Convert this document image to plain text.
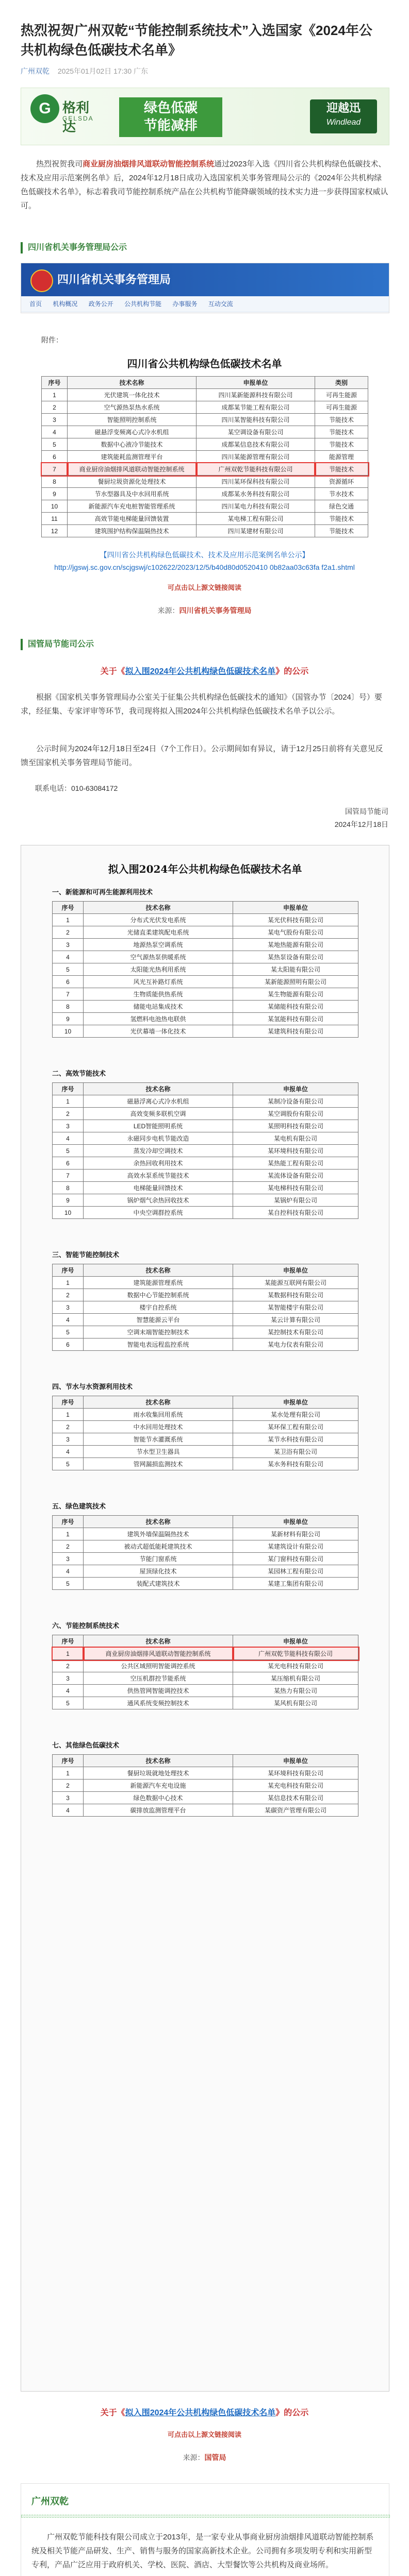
热烈祝贺广州双乾“节能控制系统技术”入选国家《2024年公共机构绿色低碳技术名单》
广州双乾 2025年01月02日 17:30 广东
G 格利达
GELSDA
绿色低碳
节能减排
迎越迅
Windlead
热烈祝贺我司商业厨房油烟排风道联动智能控制系统通过2023年入选《四川省公共机构绿色低碳技术、技术及应用示范案例名单》后，2024年12月18日成功入选国家机关事务管理局公示的《2024年公共机构绿色低碳技术名单》，标志着我司节能控制系统产品在公共机构节能降碳领域的技术实力进一步获得国家权威认可。
四川省机关事务管理局公示
四川省机关事务管理局
首页 机构概况 政务公开 公共机构节能 办事服务 互动交流
附件：
四川省公共机构绿色低碳技术名单
序号	技术名称	申报单位	类别
1	光伏建筑一体化技术	四川某新能源科技有限公司	可再生能源
2	空气源热泵热水系统	成都某节能工程有限公司	可再生能源
3	智能照明控制系统	四川某智能科技有限公司	节能技术
4	磁悬浮变频离心式冷水机组	某空调设备有限公司	节能技术
5	数据中心液冷节能技术	成都某信息技术有限公司	节能技术
6	建筑能耗监测管理平台	四川某能源管理有限公司	能源管理
7	商业厨房油烟排风道联动智能控制系统	广州双乾节能科技有限公司	节能技术
8	餐厨垃圾资源化处理技术	四川某环保科技有限公司	资源循环
9	节水型器具及中水回用系统	成都某水务科技有限公司	节水技术
10	新能源汽车充电桩智能管理系统	四川某电力科技有限公司	绿色交通
11	高效节能电梯能量回馈装置	某电梯工程有限公司	节能技术
12	建筑围护结构保温隔热技术	四川某建材有限公司	节能技术
【四川省公共机构绿色低碳技术、技术及应用示范案例名单公示】
http://jgswj.sc.gov.cn/scjgswj/c102622/2023/12/5/b40d80d0520410 0b82aa03c63fa f2a1.shtml
可点击以上源文链接阅读
来源：四川省机关事务管理局
国管局节能司公示
关于《拟入围2024年公共机构绿色低碳技术名单》的公示
根据《国家机关事务管理局办公室关于征集公共机构绿色低碳技术的通知》（国管办节〔2024〕号）要求，经征集、专家评审等环节，我司现将拟入围2024年公共机构绿色低碳技术名单予以公示。
公示时间为2024年12月18日至24日（7个工作日）。公示期间如有异议，请于12月25日前将有关意见反馈至国家机关事务管理局节能司。
联系电话：010-63084172
国管局节能司
2024年12月18日
拟入围2024年公共机构绿色低碳技术名单
一、新能源和可再生能源利用技术
序号	技术名称	申报单位
1	分布式光伏发电系统	某光伏科技有限公司
2	光储直柔建筑配电系统	某电气股份有限公司
3	地源热泵空调系统	某地热能源有限公司
4	空气源热泵供暖系统	某热泵设备有限公司
5	太阳能光热利用系统	某太阳能有限公司
6	风光互补路灯系统	某新能源照明有限公司
7	生物质能供热系统	某生物能源有限公司
8	储能电站集成技术	某储能科技有限公司
9	氢燃料电池热电联供	某氢能科技有限公司
10	光伏幕墙一体化技术	某建筑科技有限公司
二、高效节能技术
序号	技术名称	申报单位
1	磁悬浮离心式冷水机组	某制冷设备有限公司
2	高效变频多联机空调	某空调股份有限公司
3	LED智能照明系统	某照明科技有限公司
4	永磁同步电机节能改造	某电机有限公司
5	蒸发冷却空调技术	某环境科技有限公司
6	余热回收利用技术	某热能工程有限公司
7	高效水泵系统节能技术	某流体设备有限公司
8	电梯能量回馈技术	某电梯科技有限公司
9	锅炉烟气余热回收技术	某锅炉有限公司
10	中央空调群控系统	某自控科技有限公司
三、智能节能控制技术
序号	技术名称	申报单位
1	建筑能源管理系统	某能源互联网有限公司
2	数据中心节能控制系统	某数据科技有限公司
3	楼宇自控系统	某智能楼宇有限公司
4	智慧能源云平台	某云计算有限公司
5	空调末端智能控制技术	某控制技术有限公司
6	智能电表远程监控系统	某电力仪表有限公司
四、节水与水资源利用技术
序号	技术名称	申报单位
1	雨水收集回用系统	某水处理有限公司
2	中水回用处理技术	某环保工程有限公司
3	智能节水灌溉系统	某节水科技有限公司
4	节水型卫生器具	某卫浴有限公司
5	管网漏损监测技术	某水务科技有限公司
五、绿色建筑技术
序号	技术名称	申报单位
1	建筑外墙保温隔热技术	某新材料有限公司
2	被动式超低能耗建筑技术	某建筑设计有限公司
3	节能门窗系统	某门窗科技有限公司
4	屋顶绿化技术	某园林工程有限公司
5	装配式建筑技术	某建工集团有限公司
六、节能控制系统技术
序号	技术名称	申报单位
1	商业厨房油烟排风道联动智能控制系统	广州双乾节能科技有限公司
2	公共区域照明智能调控系统	某光电科技有限公司
3	空压机群控节能系统	某压缩机有限公司
4	供热管网智能调控技术	某热力有限公司
5	通风系统变频控制技术	某风机有限公司
七、其他绿色低碳技术
序号	技术名称	申报单位
1	餐厨垃圾就地处理技术	某环境科技有限公司
2	新能源汽车充电设施	某充电科技有限公司
3	绿色数据中心技术	某信息技术有限公司
4	碳排放监测管理平台	某碳资产管理有限公司
关于《拟入围2024年公共机构绿色低碳技术名单》的公示
可点击以上源文链接阅读
来源：国管局
广州双乾
广州双乾节能科技有限公司成立于2013年，是一家专业从事商业厨房油烟排风道联动智能控制系统及相关节能产品研发、生产、销售与服务的国家高新技术企业。公司拥有多项发明专利和实用新型专利，产品广泛应用于政府机关、学校、医院、酒店、大型餐饮等公共机构及商业场所。
